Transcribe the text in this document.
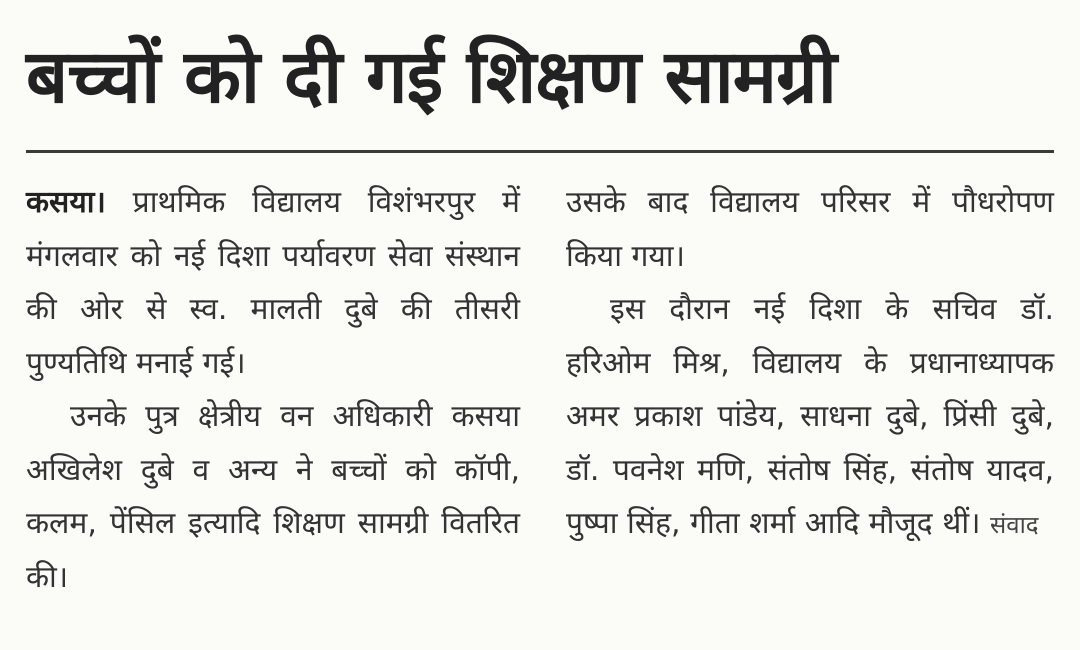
बच्चों को दी गई शिक्षण सामग्री

कसया। प्राथमिक विद्यालय विशंभरपुर में मंगलवार को नई दिशा पर्यावरण सेवा संस्थान की ओर से स्व. मालती दुबे की तीसरी पुण्यतिथि मनाई गई।

उनके पुत्र क्षेत्रीय वन अधिकारी कसया अखिलेश दुबे व अन्य ने बच्चों को कॉपी, कलम, पेंसिल इत्यादि शिक्षण सामग्री वितरित की।

उसके बाद विद्यालय परिसर में पौधरोपण किया गया।

इस दौरान नई दिशा के सचिव डॉ. हरिओम मिश्र, विद्यालय के प्रधानाध्यापक अमर प्रकाश पांडेय, साधना दुबे, प्रिंसी दुबे, डॉ. पवनेश मणि, संतोष सिंह, संतोष यादव, पुष्पा सिंह, गीता शर्मा आदि मौजूद थीं। संवाद
